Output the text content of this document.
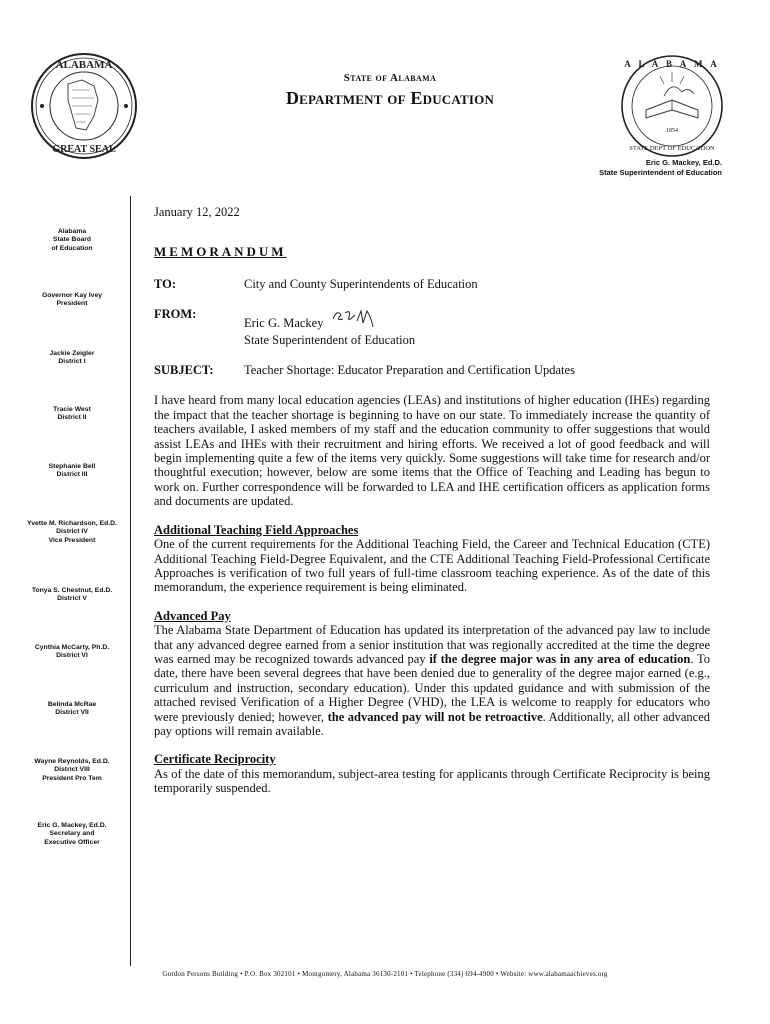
ALABAMA
GREAT SEAL
A L A B A M A
STATE DEPT OF EDUCATION
1854
State of Alabama
Department of Education
Eric G. Mackey, Ed.D.
State Superintendent of Education
Alabama
State Board
of Education
Governor Kay Ivey
President
Jackie Zeigler
District I
Tracie West
District II
Stephanie Bell
District III
Yvette M. Richardson, Ed.D.
District IV
Vice President
Tonya S. Chestnut, Ed.D.
District V
Cynthia McCarty, Ph.D.
District VI
Belinda McRae
District VII
Wayne Reynolds, Ed.D.
District VIII
President Pro Tem
Eric G. Mackey, Ed.D.
Secretary and
Executive Officer
January 12, 2022
MEMORANDUM
TO:	City and County Superintendents of Education
FROM:
Eric G. Mackey
State Superintendent of Education
SUBJECT:	Teacher Shortage: Educator Preparation and Certification Updates

I have heard from many local education agencies (LEAs) and institutions of higher education (IHEs) regarding the impact that the teacher shortage is beginning to have on our state. To immediately increase the quantity of teachers available, I asked members of my staff and the education community to offer suggestions that would assist LEAs and IHEs with their recruitment and hiring efforts. We received a lot of good feedback and will begin implementing quite a few of the items very quickly. Some suggestions will take time for research and/or thoughtful execution; however, below are some items that the Office of Teaching and Leading has begun to work on. Further correspondence will be forwarded to LEA and IHE certification officers as application forms and documents are updated.

Additional Teaching Field Approaches

One of the current requirements for the Additional Teaching Field, the Career and Technical Education (CTE) Additional Teaching Field-Degree Equivalent, and the CTE Additional Teaching Field-Professional Certificate Approaches is verification of two full years of full-time classroom teaching experience. As of the date of this memorandum, the experience requirement is being eliminated.

Advanced Pay

The Alabama State Department of Education has updated its interpretation of the advanced pay law to include that any advanced degree earned from a senior institution that was regionally accredited at the time the degree was earned may be recognized towards advanced pay if the degree major was in any area of education. To date, there have been several degrees that have been denied due to generality of the degree major earned (e.g., curriculum and instruction, secondary education). Under this updated guidance and with submission of the attached revised Verification of a Higher Degree (VHD), the LEA is welcome to reapply for educators who were previously denied; however, the advanced pay will not be retroactive. Additionally, all other advanced pay options will remain available.

Certificate Reciprocity

As of the date of this memorandum, subject-area testing for applicants through Certificate Reciprocity is being temporarily suspended.

Gordon Persons Building • P.O. Box 302101 • Montgomery, Alabama 36130-2101 • Telephone (334) 694-4900 • Website: www.alabamaachieves.org
